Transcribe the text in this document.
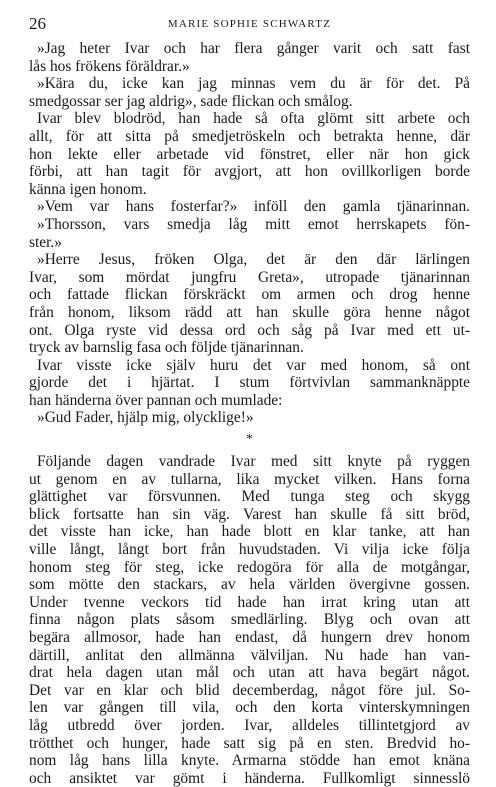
26	MARIE SOPHIE SCHWARTZ
»Jag heter Ivar och har flera gånger varit och satt fast
lås hos frökens föräldrar.»
»Kära du, icke kan jag minnas vem du är för det. På
smedgossar ser jag aldrig», sade flickan och smålog.
Ivar blev blodröd, han hade så ofta glömt sitt arbete och
allt, för att sitta på smedjetröskeln och betrakta henne, där
hon lekte eller arbetade vid fönstret, eller när hon gick
förbi, att han tagit för avgjort, att hon ovillkorligen borde
känna igen honom.
»Vem var hans fosterfar?» inföll den gamla tjänarinnan.
»Thorsson, vars smedja låg mitt emot herrskapets fön-
ster.»
»Herre Jesus, fröken Olga, det är den där lärlingen
Ivar, som mördat jungfru Greta», utropade tjänarinnan
och fattade flickan förskräckt om armen och drog henne
från honom, liksom rädd att han skulle göra henne något
ont. Olga ryste vid dessa ord och såg på Ivar med ett ut-
tryck av barnslig fasa och följde tjänarinnan.
Ivar visste icke själv huru det var med honom, så ont
gjorde det i hjärtat. I stum förtvivlan sammanknäppte
han händerna över pannan och mumlade:
»Gud Fader, hjälp mig, olycklige!»
*
Följande dagen vandrade Ivar med sitt knyte på ryggen
ut genom en av tullarna, lika mycket vilken. Hans forna
glättighet var försvunnen. Med tunga steg och skygg
blick fortsatte han sin väg. Varest han skulle få sitt bröd,
det visste han icke, han hade blott en klar tanke, att han
ville långt, långt bort från huvudstaden. Vi vilja icke följa
honom steg för steg, icke redogöra för alla de motgångar,
som mötte den stackars, av hela världen övergivne gossen.
Under tvenne veckors tid hade han irrat kring utan att
finna någon plats såsom smedlärling. Blyg och ovan att
begära allmosor, hade han endast, då hungern drev honom
därtill, anlitat den allmänna välviljan. Nu hade han van-
drat hela dagen utan mål och utan att hava begärt något.
Det var en klar och blid decemberdag, något före jul. So-
len var gången till vila, och den korta vinterskymningen
låg utbredd över jorden. Ivar, alldeles tillintetgjord av
trötthet och hunger, hade satt sig på en sten. Bredvid ho-
nom låg hans lilla knyte. Armarna stödde han emot knäna
och ansiktet var gömt i händerna. Fullkomligt sinnesslö
